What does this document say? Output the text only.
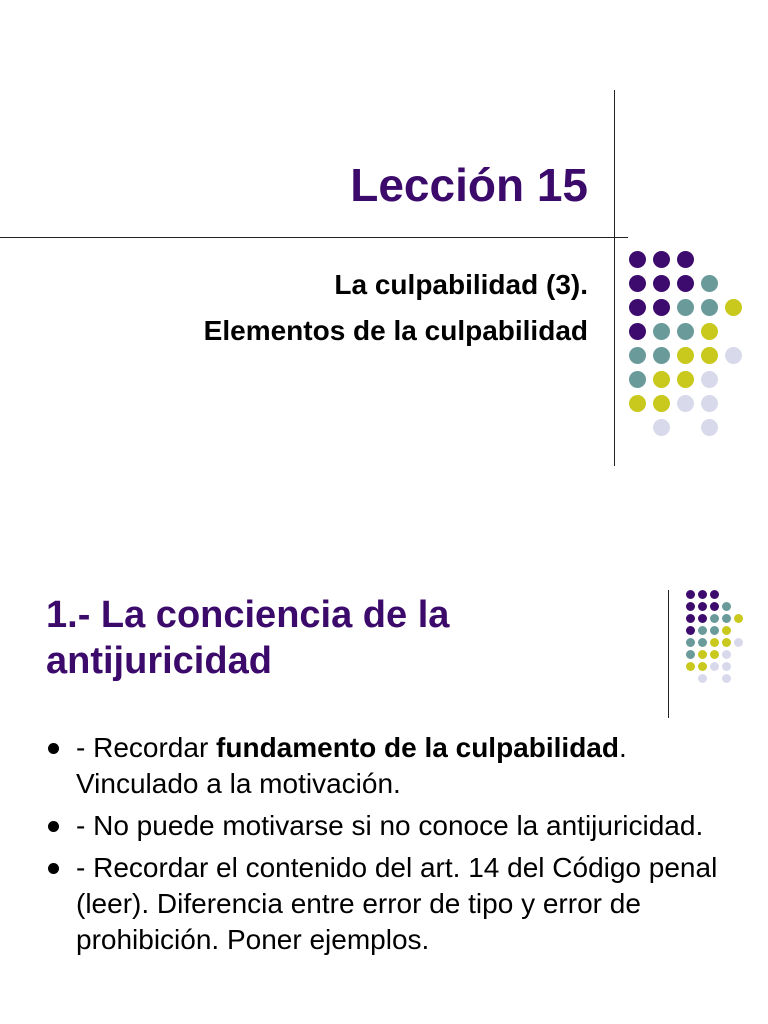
Lección 15
La culpabilidad (3).
Elementos de la culpabilidad
1.- La conciencia de la
antijuricidad
- Recordar fundamento de la culpabilidad. Vinculado a la motivación.
- No puede motivarse si no conoce la antijuricidad.
- Recordar el contenido del art. 14 del Código penal (leer). Diferencia entre error de tipo y error de prohibición. Poner ejemplos.
